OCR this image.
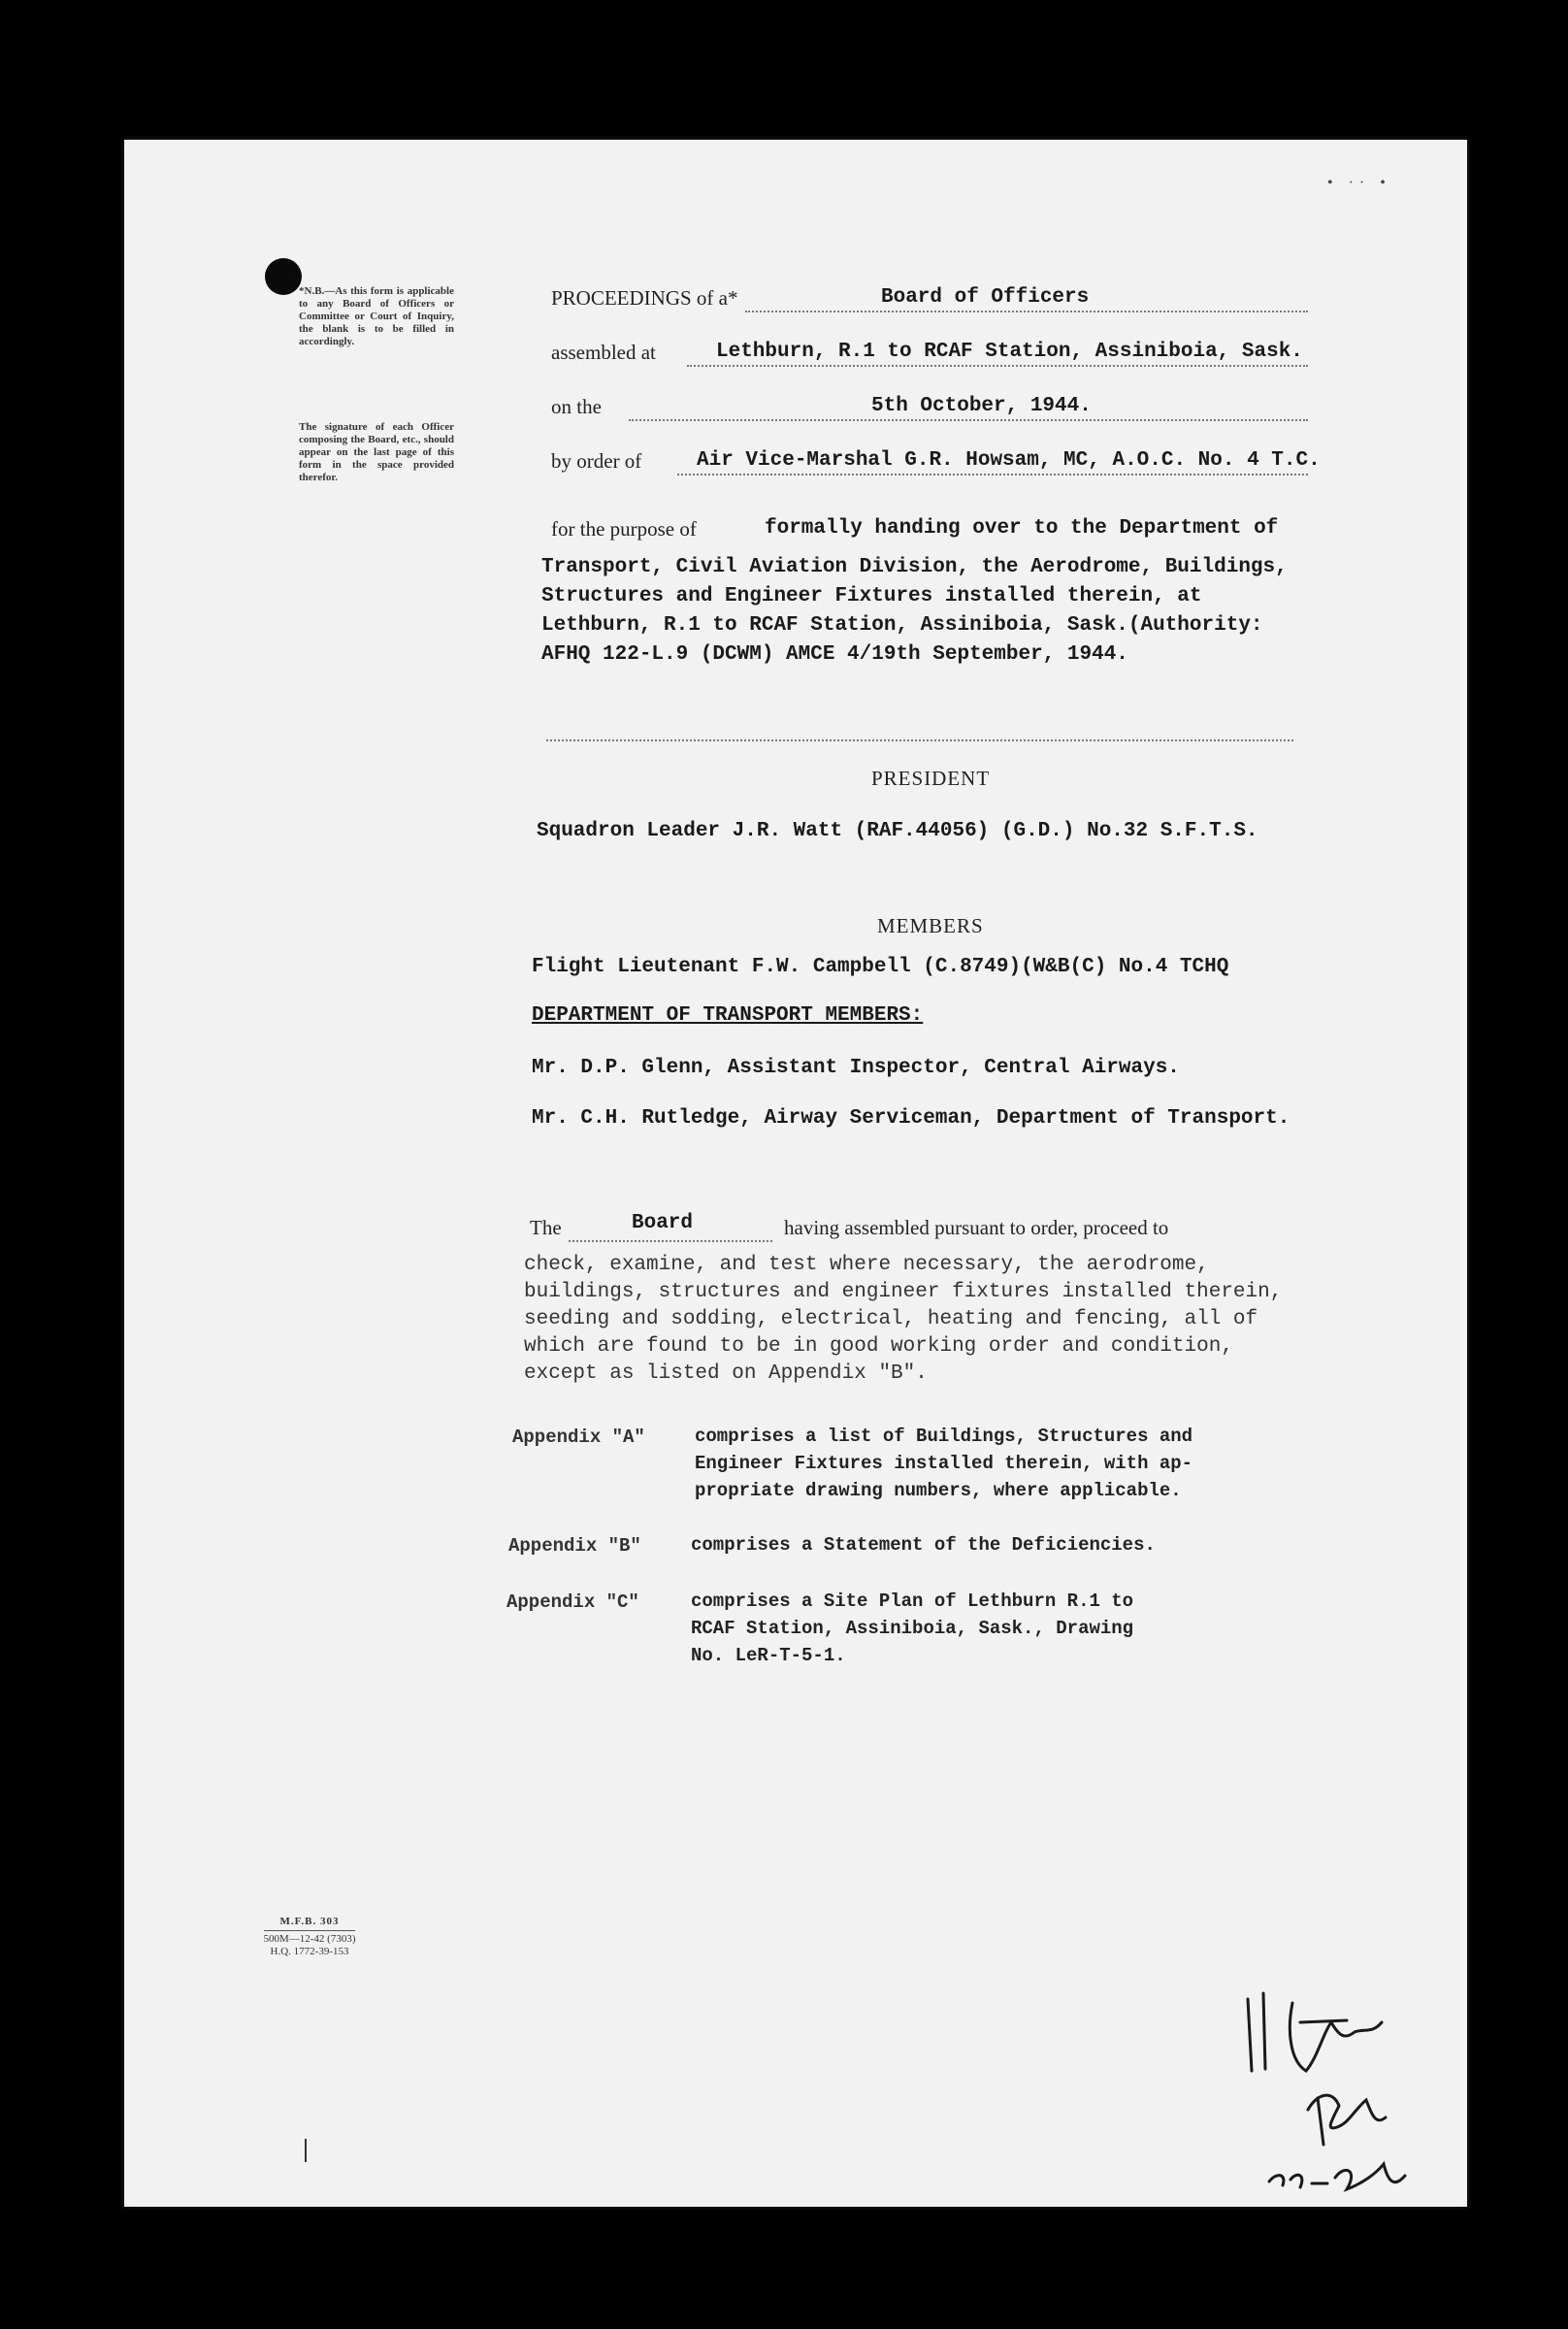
• ·· •
*N.B.—As this form is applicable to any Board of Officers or Committee or Court of Inquiry, the blank is to be filled in accordingly.
The signature of each Officer composing the Board, etc., should appear on the last page of this form in the space provided therefor.
PROCEEDINGS of a*	Board of Officers
assembled at	Lethburn, R.1 to RCAF Station, Assiniboia, Sask.
on the	5th October, 1944.
by order of	Air Vice-Marshal G.R. Howsam, MC, A.O.C. No. 4 T.C.
for the purpose of	formally handing over to the Department of
Transport, Civil Aviation Division, the Aerodrome, Buildings,
Structures and Engineer Fixtures installed therein, at
Lethburn, R.1 to RCAF Station, Assiniboia, Sask.(Authority:
AFHQ 122-L.9 (DCWM) AMCE 4/19th September, 1944.
PRESIDENT
Squadron Leader J.R. Watt (RAF.44056) (G.D.) No.32 S.F.T.S.
MEMBERS
Flight Lieutenant F.W. Campbell (C.8749)(W&B(C) No.4 TCHQ
DEPARTMENT OF TRANSPORT MEMBERS:
Mr. D.P. Glenn, Assistant Inspector, Central Airways.
Mr. C.H. Rutledge, Airway Serviceman, Department of Transport.
The	Board	having assembled pursuant to order, proceed to
check, examine, and test where necessary, the aerodrome,
buildings, structures and engineer fixtures installed therein,
seeding and sodding, electrical, heating and fencing, all of
which are found to be in good working order and condition,
except as listed on Appendix "B".
Appendix "A"	comprises a list of Buildings, Structures and
Engineer Fixtures installed therein, with ap-
propriate drawing numbers, where applicable.
Appendix "B"	comprises a Statement of the Deficiencies.
Appendix "C"	comprises a Site Plan of Lethburn R.1 to
RCAF Station, Assiniboia, Sask., Drawing
No. LeR-T-5-1.
M.F.B. 303
500M—12-42 (7303)
H.Q. 1772-39-153
